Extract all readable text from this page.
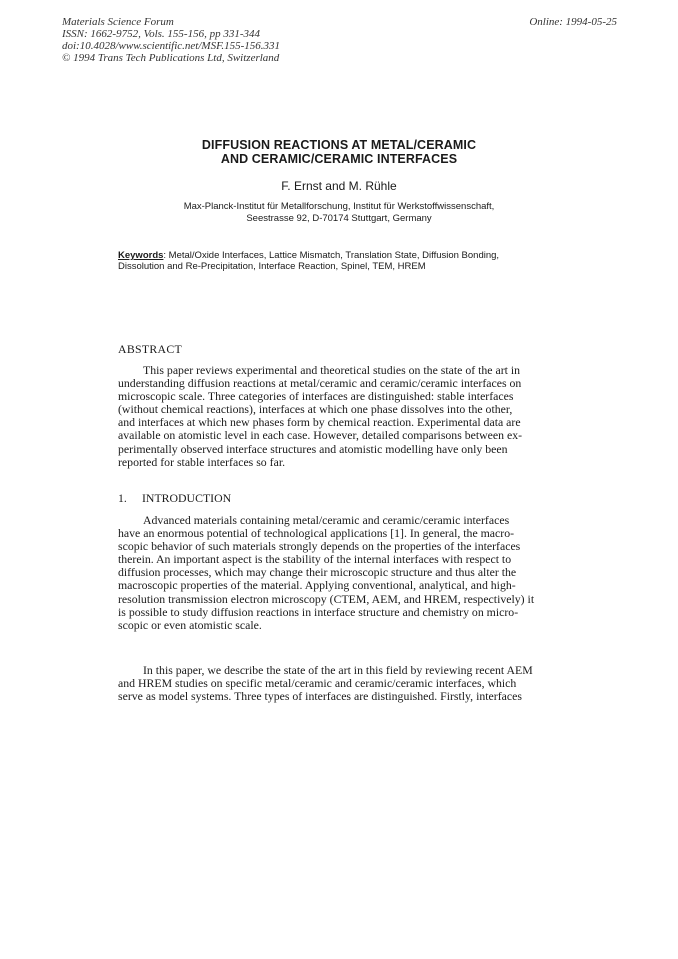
Materials Science Forum
ISSN: 1662-9752, Vols. 155-156, pp 331-344
doi:10.4028/www.scientific.net/MSF.155-156.331
© 1994 Trans Tech Publications Ltd, Switzerland
Online: 1994-05-25
DIFFUSION REACTIONS AT METAL/CERAMIC
AND CERAMIC/CERAMIC INTERFACES
F. Ernst and M. Rühle
Max-Planck-Institut für Metallforschung, Institut für Werkstoffwissenschaft,
Seestrasse 92, D-70174 Stuttgart, Germany
Keywords: Metal/Oxide Interfaces, Lattice Mismatch, Translation State, Diffusion Bonding,
Dissolution and Re-Precipitation, Interface Reaction, Spinel, TEM, HREM
ABSTRACT
This paper reviews experimental and theoretical studies on the state of the art in
understanding diffusion reactions at metal/ceramic and ceramic/ceramic interfaces on
microscopic scale. Three categories of interfaces are distinguished: stable interfaces
(without chemical reactions), interfaces at which one phase dissolves into the other,
and interfaces at which new phases form by chemical reaction. Experimental data are
available on atomistic level in each case. However, detailed comparisons between ex-
perimentally observed interface structures and atomistic modelling have only been
reported for stable interfaces so far.
1. INTRODUCTION
Advanced materials containing metal/ceramic and ceramic/ceramic interfaces
have an enormous potential of technological applications [1]. In general, the macro-
scopic behavior of such materials strongly depends on the properties of the interfaces
therein. An important aspect is the stability of the internal interfaces with respect to
diffusion processes, which may change their microscopic structure and thus alter the
macroscopic properties of the material. Applying conventional, analytical, and high-
resolution transmission electron microscopy (CTEM, AEM, and HREM, respectively) it
is possible to study diffusion reactions in interface structure and chemistry on micro-
scopic or even atomistic scale.
In this paper, we describe the state of the art in this field by reviewing recent AEM
and HREM studies on specific metal/ceramic and ceramic/ceramic interfaces, which
serve as model systems. Three types of interfaces are distinguished. Firstly, interfaces
